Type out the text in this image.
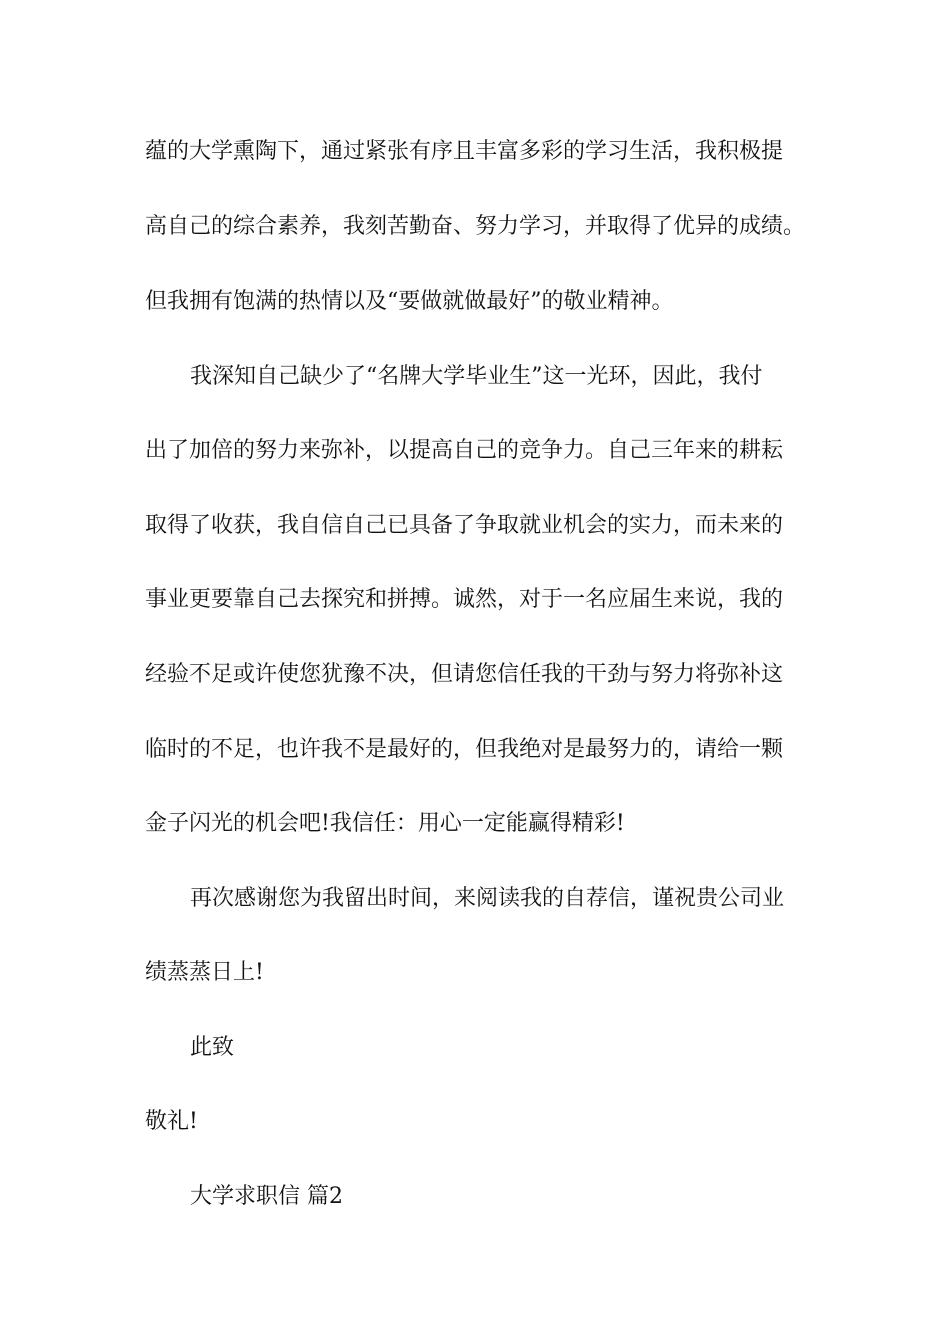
蕴的大学熏陶下，通过紧张有序且丰富多彩的学习生活，我积极提
高自己的综合素养，我刻苦勤奋、努力学习，并取得了优异的成绩。
但我拥有饱满的热情以及“要做就做最好”的敬业精神。
我深知自己缺少了“名牌大学毕业生”这一光环，因此，我付
出了加倍的努力来弥补，以提高自己的竞争力。自己三年来的耕耘
取得了收获，我自信自己已具备了争取就业机会的实力，而未来的
事业更要靠自己去探究和拼搏。诚然，对于一名应届生来说，我的
经验不足或许使您犹豫不决，但请您信任我的干劲与努力将弥补这
临时的不足，也许我不是最好的，但我绝对是最努力的，请给一颗
金子闪光的机会吧!我信任：用心一定能赢得精彩!
再次感谢您为我留出时间，来阅读我的自荐信，谨祝贵公司业
绩蒸蒸日上!
此致
敬礼!
大学求职信 篇2
